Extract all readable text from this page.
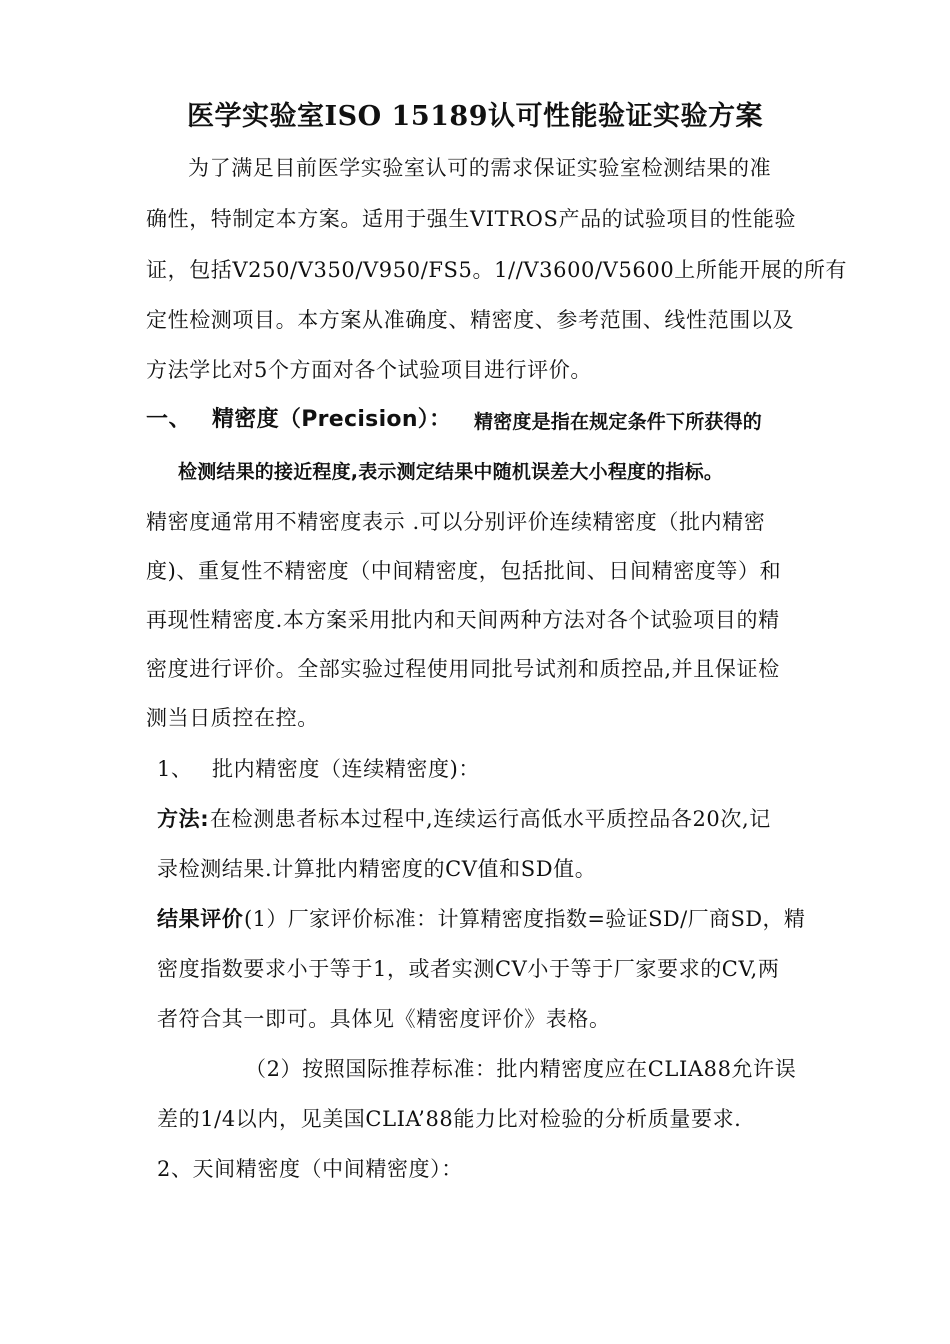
医学实验室ISO 15189认可性能验证实验方案
为了满足目前医学实验室认可的需求保证实验室检测结果的准
确性，特制定本方案。适用于强生VITROS产品的试验项目的性能验
证，包括V250/V350/V950/FS5。1//V3600/V5600上所能开展的所有
定性检测项目。本方案从准确度、精密度、参考范围、线性范围以及
方法学比对5个方面对各个试验项目进行评价。
一、 精密度（Precision）： 精密度是指在规定条件下所获得的
检测结果的接近程度,表示测定结果中随机误差大小程度的指标。
精密度通常用不精密度表示 .可以分别评价连续精密度（批内精密
度)、重复性不精密度（中间精密度，包括批间、日间精密度等）和
再现性精密度.本方案采用批内和天间两种方法对各个试验项目的精
密度进行评价。全部实验过程使用同批号试剂和质控品,并且保证检
测当日质控在控。
1、 批内精密度（连续精密度)：
方法: 在检测患者标本过程中,连续运行高低水平质控品各20次,记
录检测结果.计算批内精密度的CV值和SD值。
结果评价 (1）厂家评价标准：计算精密度指数=验证SD/厂商SD，精
密度指数要求小于等于1，或者实测CV小于等于厂家要求的CV,两
者符合其一即可。具体见《精密度评价》表格。
（2）按照国际推荐标准：批内精密度应在CLIA88允许误
差的1/4以内，见美国CLIA’88能力比对检验的分析质量要求.
2、天间精密度（中间精密度）：
